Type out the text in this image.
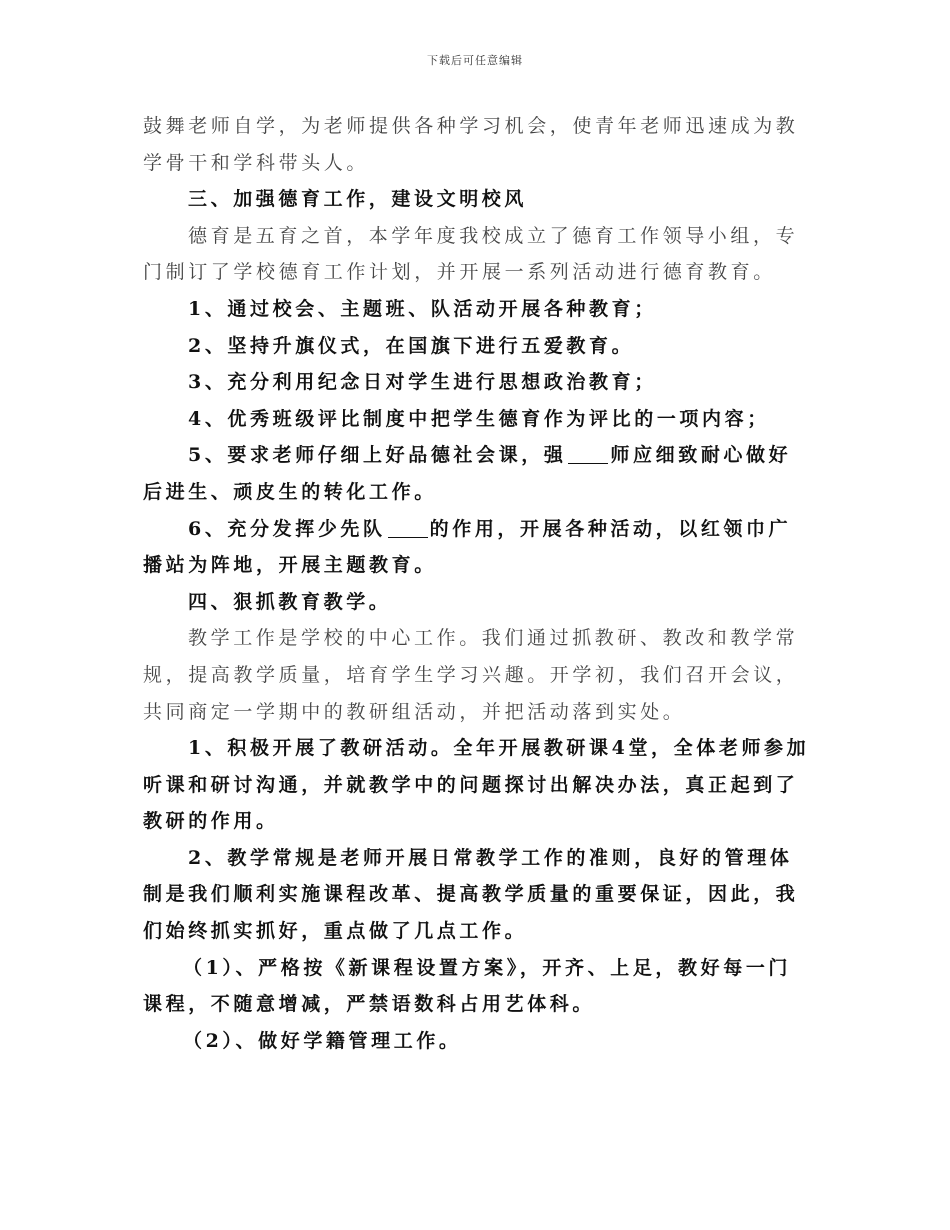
下载后可任意编辑

鼓舞老师自学，为老师提供各种学习机会，使青年老师迅速成为教学骨干和学科带头人。

三、加强德育工作，建设文明校风

德育是五育之首，本学年度我校成立了德育工作领导小组，专门制订了学校德育工作计划，并开展一系列活动进行德育教育。

1、通过校会、主题班、队活动开展各种教育；

2、坚持升旗仪式，在国旗下进行五爱教育。

3、充分利用纪念日对学生进行思想政治教育；

4、优秀班级评比制度中把学生德育作为评比的一项内容；

5、要求老师仔细上好品德社会课，强 师应细致耐心做好后进生、顽皮生的转化工作。

6、充分发挥少先队 的作用，开展各种活动，以红领巾广播站为阵地，开展主题教育。

四、狠抓教育教学。

教学工作是学校的中心工作。我们通过抓教研、教改和教学常规，提高教学质量，培育学生学习兴趣。开学初，我们召开会议，共同商定一学期中的教研组活动，并把活动落到实处。

1、积极开展了教研活动。全年开展教研课4堂，全体老师参加听课和研讨沟通，并就教学中的问题探讨出解决办法，真正起到了教研的作用。

2、教学常规是老师开展日常教学工作的准则，良好的管理体制是我们顺利实施课程改革、提高教学质量的重要保证，因此，我们始终抓实抓好，重点做了几点工作。

（1）、严格按《新课程设置方案》，开齐、上足，教好每一门课程，不随意增减，严禁语数科占用艺体科。

（2）、做好学籍管理工作。
